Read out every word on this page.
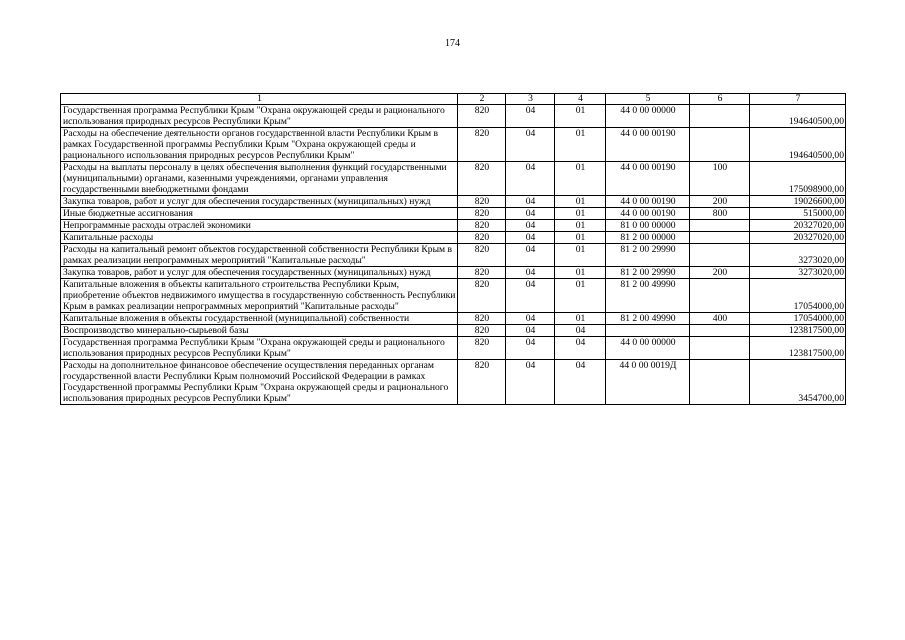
174
1	2	3	4	5	6	7
Государственная программа Республики Крым "Охрана окружающей среды и рационального использования природных ресурсов Республики Крым"	820	04	01	44 0 00 00000		194640500,00
Расходы на обеспечение деятельности органов государственной власти Республики Крым в рамках Государственной программы Республики Крым "Охрана окружающей среды и рационального использования природных ресурсов Республики Крым"	820	04	01	44 0 00 00190		194640500,00
Расходы на выплаты персоналу в целях обеспечения выполнения функций государственными (муниципальными) органами, казенными учреждениями, органами управления государственными внебюджетными фондами	820	04	01	44 0 00 00190	100	175098900,00
Закупка товаров, работ и услуг для обеспечения государственных (муниципальных) нужд	820	04	01	44 0 00 00190	200	19026600,00
Иные бюджетные ассигнования	820	04	01	44 0 00 00190	800	515000,00
Непрограммные расходы отраслей экономики	820	04	01	81 0 00 00000		20327020,00
Капитальные расходы	820	04	01	81 2 00 00000		20327020,00
Расходы на капитальный ремонт объектов государственной собственности Республики Крым в рамках реализации непрограммных мероприятий "Капитальные расходы"	820	04	01	81 2 00 29990		3273020,00
Закупка товаров, работ и услуг для обеспечения государственных (муниципальных) нужд	820	04	01	81 2 00 29990	200	3273020,00
Капитальные вложения в объекты капитального строительства Республики Крым, приобретение объектов недвижимого имущества в государственную собственность Республики Крым в рамках реализации непрограммных мероприятий "Капитальные расходы"	820	04	01	81 2 00 49990		17054000,00
Капитальные вложения в объекты государственной (муниципальной) собственности	820	04	01	81 2 00 49990	400	17054000,00
Воспроизводство минерально-сырьевой базы	820	04	04			123817500,00
Государственная программа Республики Крым "Охрана окружающей среды и рационального использования природных ресурсов Республики Крым"	820	04	04	44 0 00 00000		123817500,00
Расходы на дополнительное финансовое обеспечение осуществления переданных органам государственной власти Республики Крым полномочий Российской Федерации в рамках Государственной программы Республики Крым "Охрана окружающей среды и рационального использования природных ресурсов Республики Крым"	820	04	04	44 0 00 0019Д		3454700,00
